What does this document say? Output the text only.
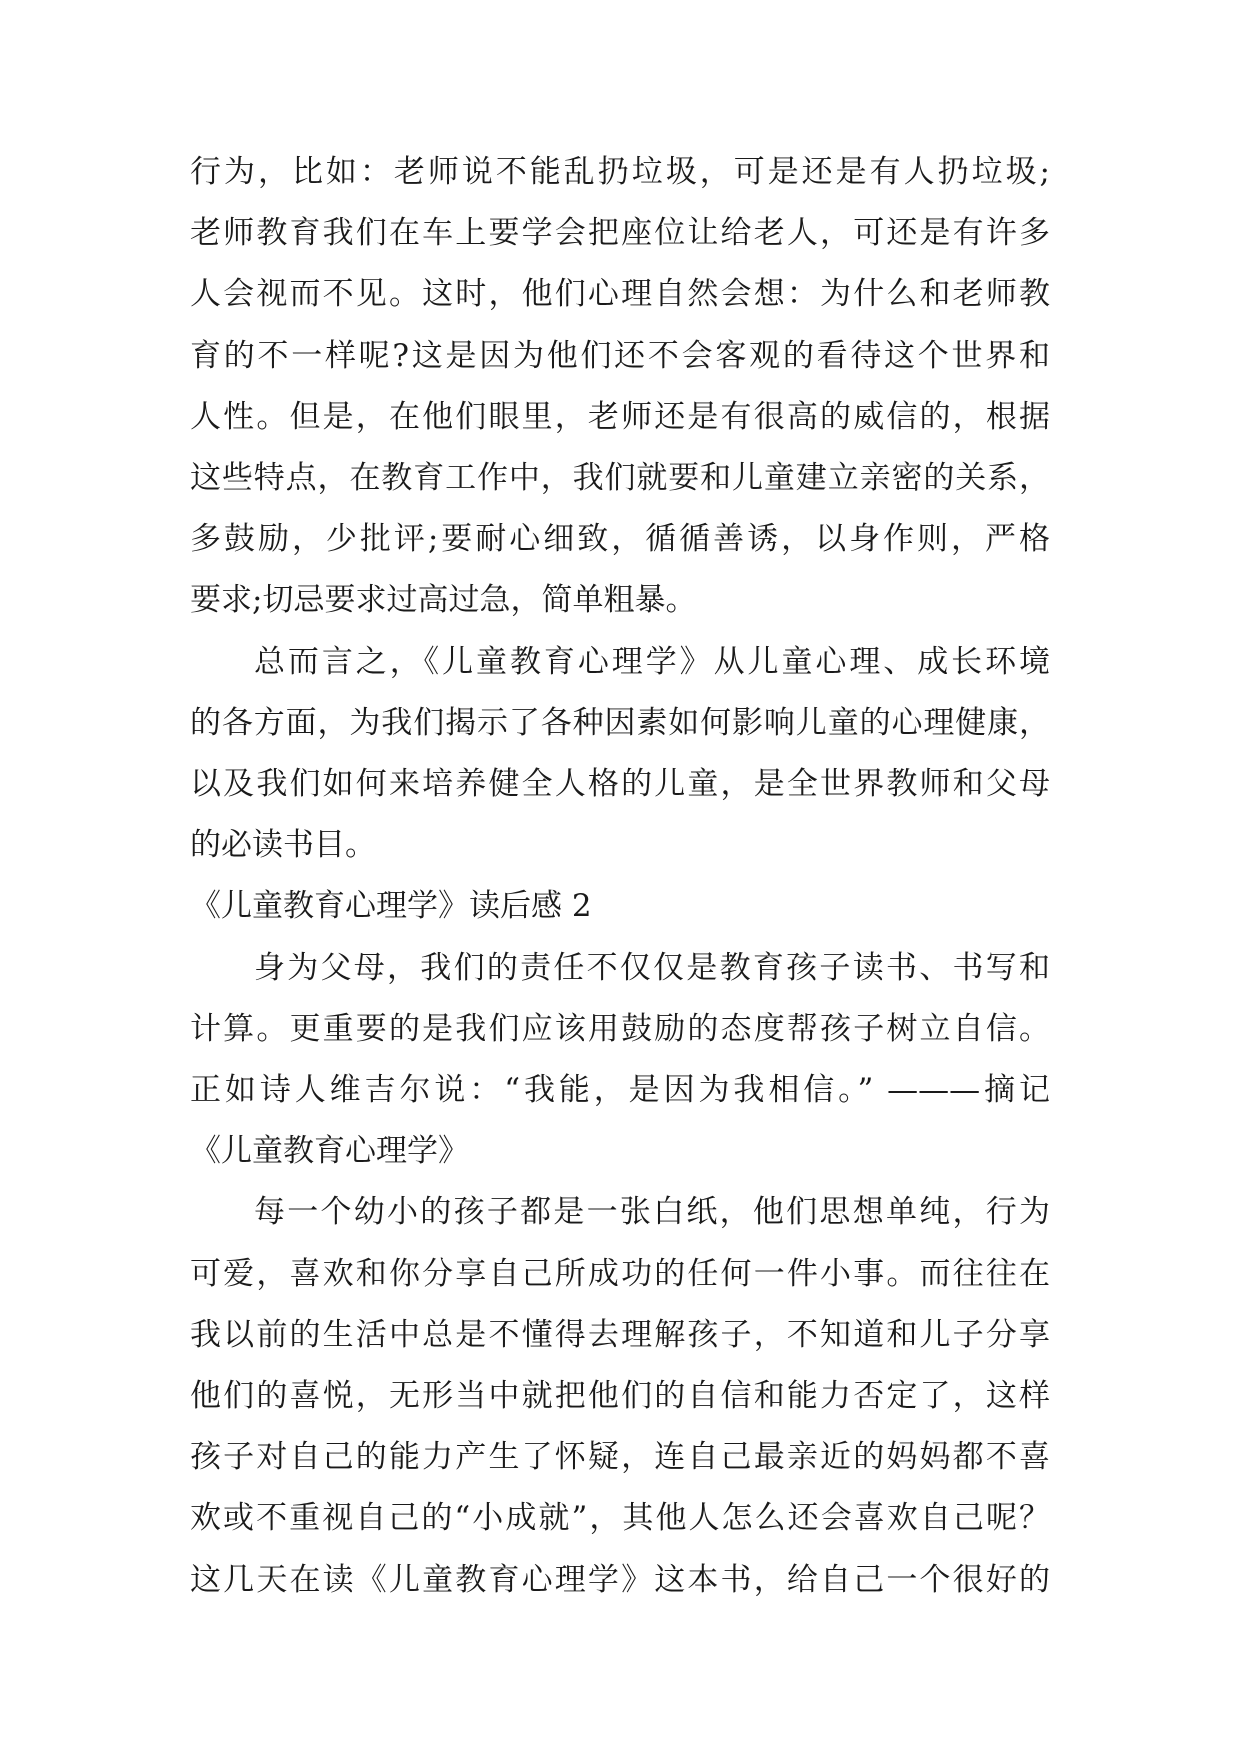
行为，比如：老师说不能乱扔垃圾，可是还是有人扔垃圾;
老师教育我们在车上要学会把座位让给老人，可还是有许多
人会视而不见。这时，他们心理自然会想：为什么和老师教
育的不一样呢?这是因为他们还不会客观的看待这个世界和
人性。但是，在他们眼里，老师还是有很高的威信的，根据
这些特点，在教育工作中，我们就要和儿童建立亲密的关系，
多鼓励，少批评;要耐心细致，循循善诱，以身作则，严格
要求;切忌要求过高过急，简单粗暴。
总而言之，《儿童教育心理学》从儿童心理、成长环境
的各方面，为我们揭示了各种因素如何影响儿童的心理健康，
以及我们如何来培养健全人格的儿童，是全世界教师和父母
的必读书目。
《儿童教育心理学》读后感 2
身为父母，我们的责任不仅仅是教育孩子读书、书写和
计算。更重要的是我们应该用鼓励的态度帮孩子树立自信。
正如诗人维吉尔说：“我能，是因为我相信。” ———摘记
《儿童教育心理学》
每一个幼小的孩子都是一张白纸，他们思想单纯，行为
可爱，喜欢和你分享自己所成功的任何一件小事。而往往在
我以前的生活中总是不懂得去理解孩子，不知道和儿子分享
他们的喜悦，无形当中就把他们的自信和能力否定了，这样
孩子对自己的能力产生了怀疑，连自己最亲近的妈妈都不喜
欢或不重视自己的“小成就”，其他人怎么还会喜欢自己呢？
这几天在读《儿童教育心理学》这本书，给自己一个很好的
